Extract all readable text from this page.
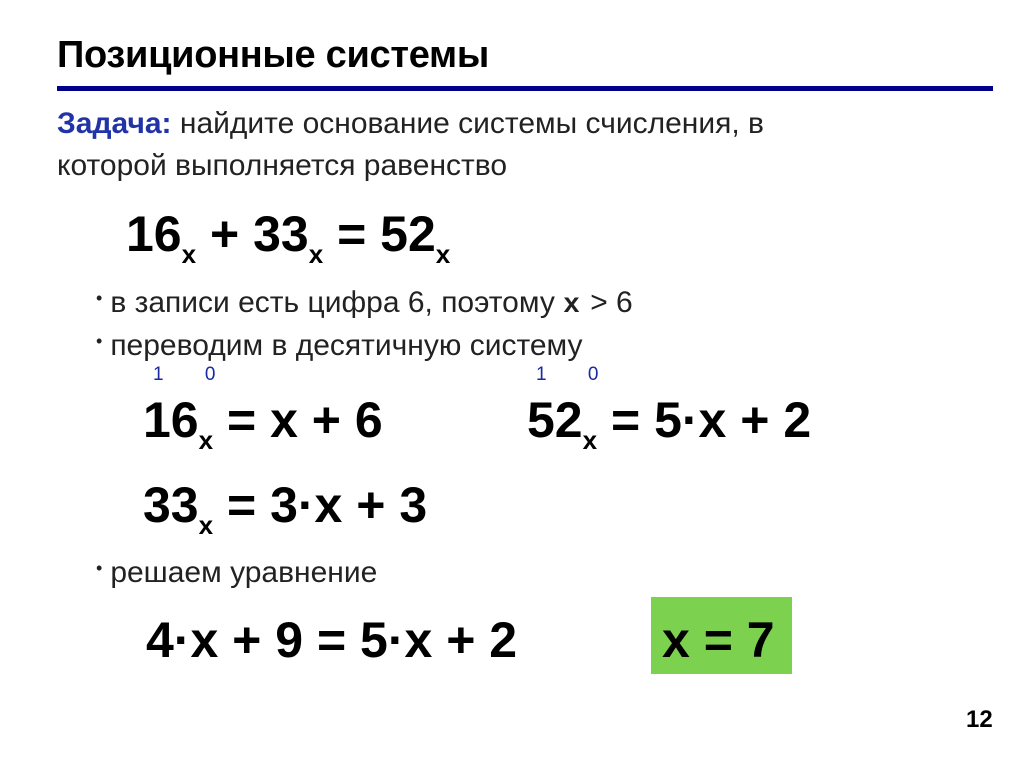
Позиционные системы
Задача: найдите основание системы счисления, в
которой выполняется равенство
$16_x + 33_x = 52_x$
• в записи есть цифра 6, поэтому x > 6
• переводим в десятичную систему
1 0	1 0
$16_x = x + 6$	$52_x = 5\cdot x + 2$
$33_x = 3\cdot x + 3$
• решаем уравнение
4·x + 9 = 5·x + 2	x = 7
12
